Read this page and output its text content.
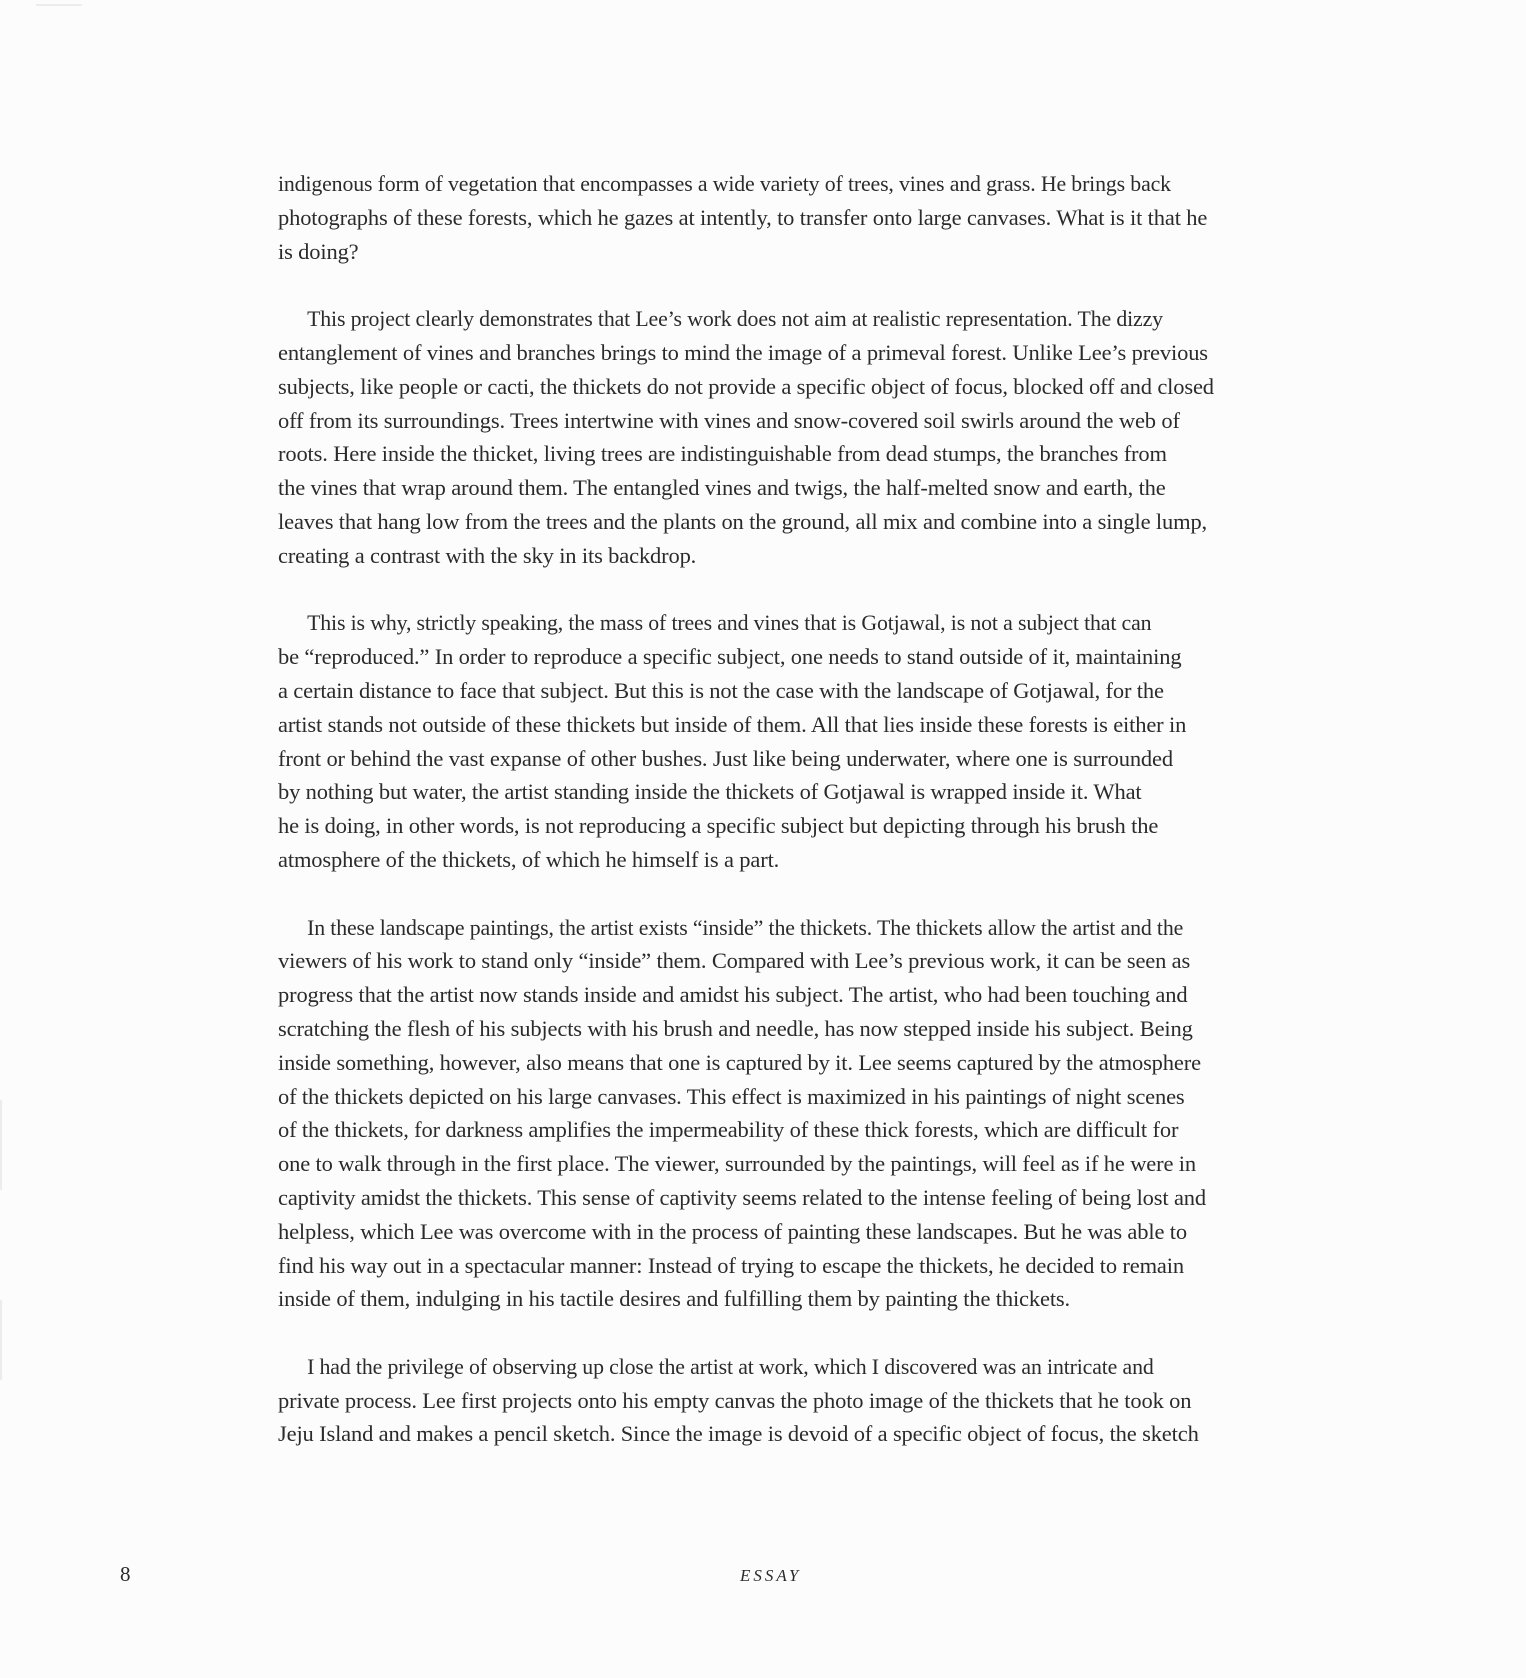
indigenous form of vegetation that encompasses a wide variety of trees, vines and grass. He brings back
photographs of these forests, which he gazes at intently, to transfer onto large canvases. What is it that he
is doing?

This project clearly demonstrates that Lee’s work does not aim at realistic representation. The dizzy
entanglement of vines and branches brings to mind the image of a primeval forest. Unlike Lee’s previous
subjects, like people or cacti, the thickets do not provide a specific object of focus, blocked off and closed
off from its surroundings. Trees intertwine with vines and snow-covered soil swirls around the web of
roots. Here inside the thicket, living trees are indistinguishable from dead stumps, the branches from
the vines that wrap around them. The entangled vines and twigs, the half-melted snow and earth, the
leaves that hang low from the trees and the plants on the ground, all mix and combine into a single lump,
creating a contrast with the sky in its backdrop.

This is why, strictly speaking, the mass of trees and vines that is Gotjawal, is not a subject that can
be “reproduced.” In order to reproduce a specific subject, one needs to stand outside of it, maintaining
a certain distance to face that subject. But this is not the case with the landscape of Gotjawal, for the
artist stands not outside of these thickets but inside of them. All that lies inside these forests is either in
front or behind the vast expanse of other bushes. Just like being underwater, where one is surrounded
by nothing but water, the artist standing inside the thickets of Gotjawal is wrapped inside it. What
he is doing, in other words, is not reproducing a specific subject but depicting through his brush the
atmosphere of the thickets, of which he himself is a part.

In these landscape paintings, the artist exists “inside” the thickets. The thickets allow the artist and the
viewers of his work to stand only “inside” them. Compared with Lee’s previous work, it can be seen as
progress that the artist now stands inside and amidst his subject. The artist, who had been touching and
scratching the flesh of his subjects with his brush and needle, has now stepped inside his subject. Being
inside something, however, also means that one is captured by it. Lee seems captured by the atmosphere
of the thickets depicted on his large canvases. This effect is maximized in his paintings of night scenes
of the thickets, for darkness amplifies the impermeability of these thick forests, which are difficult for
one to walk through in the first place. The viewer, surrounded by the paintings, will feel as if he were in
captivity amidst the thickets. This sense of captivity seems related to the intense feeling of being lost and
helpless, which Lee was overcome with in the process of painting these landscapes. But he was able to
find his way out in a spectacular manner: Instead of trying to escape the thickets, he decided to remain
inside of them, indulging in his tactile desires and fulfilling them by painting the thickets.

I had the privilege of observing up close the artist at work, which I discovered was an intricate and
private process. Lee first projects onto his empty canvas the photo image of the thickets that he took on
Jeju Island and makes a pencil sketch. Since the image is devoid of a specific object of focus, the sketch

8	ESSAY
